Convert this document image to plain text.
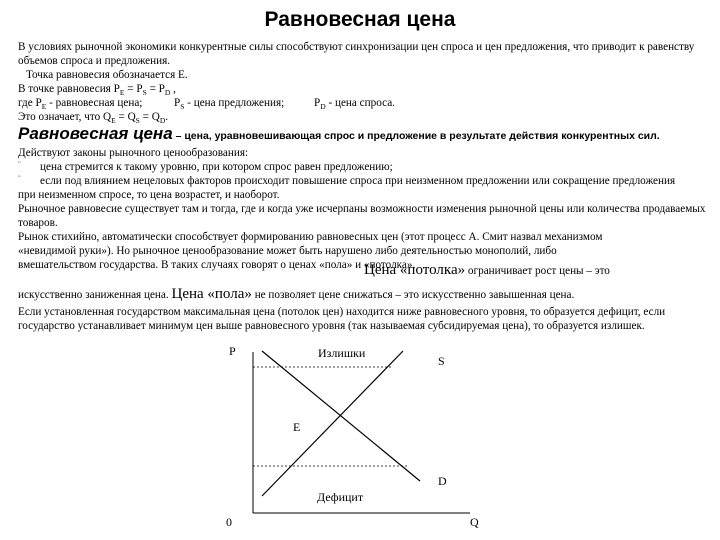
Равновесная цена
В условиях рыночной экономики конкурентные силы способствуют синхронизации цен спроса и цен предложения, что приводит к равенству объемов спроса и предложения.
Точка равновесия обозначается Е.
В точке равновесия $Р_Е = Р_S = Р_D$ ,
где $Р_Е$ - равновесная цена;	$Р_S$ - цена предложения;	$Р_D$ - цена спроса.
Это означает, что $Q_E = Q_S = Q_D$.
Равновесная цена – цена, уравновешивающая спрос и предложение в результате действия конкурентных сил.
Действуют законы рыночного ценообразования:
¨ цена стремится к такому уровню, при котором спрос равен предложению;
¨	если под влиянием нецеловых факторов происходит повышение спроса при неизменном предложении или сокращение предложения при неизменном спросе, то цена возрастет, и наоборот.
Рыночное равновесие существует там и тогда, где и когда уже исчерпаны возможности изменения рыночной цены или количества продаваемых товаров.
Рынок стихийно, автоматически способствует формированию равновесных цен (этот процесс А. Смит назвал механизмом «невидимой руки»). Но рыночное ценообразование может быть нарушено либо деятельностью монополий, либо вмешательством государства. В таких случаях говорят о ценах «пола» и «потолка».
Цена «потолка» ограничивает рост цены – это
искусственно заниженная цена. Цена «пола» не позволяет цене снижаться – это искусственно завышенная цена.
Если установленная государством максимальная цена (потолок цен) находится ниже равновесного уровня, то образуется дефицит, если государство устанавливает минимум цен выше равновесного уровня (так называемая субсидируемая цена), то образуется излишек.
P	Излишки
S
E
D
Дефицит
0	Q
